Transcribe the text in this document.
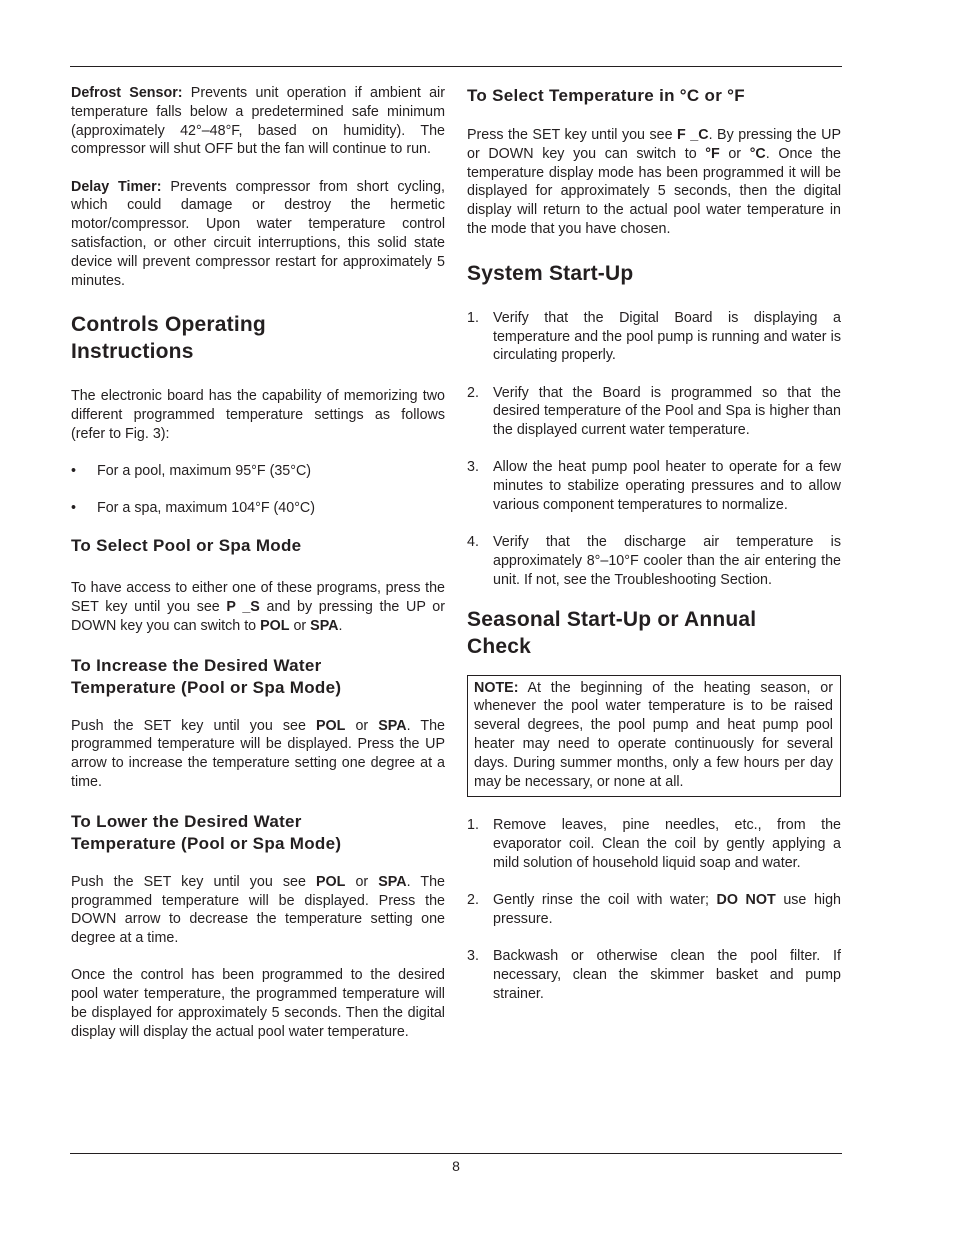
Defrost Sensor: Prevents unit operation if ambient air temperature falls below a predetermined safe minimum (approximately 42°–48°F, based on humidity). The compressor will shut OFF but the fan will continue to run.

Delay Timer: Prevents compressor from short cycling, which could damage or destroy the hermetic motor/compressor. Upon water temperature control satisfaction, or other circuit interruptions, this solid state device will prevent compressor restart for approximately 5 minutes.

Controls Operating
Instructions

The electronic board has the capability of memorizing two different programmed temperature settings as follows (refer to Fig. 3):

• For a pool, maximum 95°F (35°C)
• For a spa, maximum 104°F (40°C)
To Select Pool or Spa Mode

To have access to either one of these programs, press the SET key until you see P _S and by pressing the UP or DOWN key you can switch to POL or SPA.

To Increase the Desired Water
Temperature (Pool or Spa Mode)

Push the SET key until you see POL or SPA. The programmed temperature will be displayed. Press the UP arrow to increase the temperature setting one degree at a time.

To Lower the Desired Water
Temperature (Pool or Spa Mode)

Push the SET key until you see POL or SPA. The programmed temperature will be displayed. Press the DOWN arrow to decrease the temperature setting one degree at a time.

Once the control has been programmed to the desired pool water temperature, the programmed temperature will be displayed for approximately 5 seconds. Then the digital display will display the actual pool water temperature.

To Select Temperature in °C or °F

Press the SET key until you see F _C. By pressing the UP or DOWN key you can switch to °F or °C. Once the temperature display mode has been programmed it will be displayed for approximately 5 seconds, then the digital display will return to the actual pool water temperature in the mode that you have chosen.

System Start-Up
1. Verify that the Digital Board is displaying a temperature and the pool pump is running and water is circulating properly.
2. Verify that the Board is programmed so that the desired temperature of the Pool and Spa is higher than the displayed current water temperature.
3. Allow the heat pump pool heater to operate for a few minutes to stabilize operating pressures and to allow various component temperatures to normalize.
4. Verify that the discharge air temperature is approximately 8°–10°F cooler than the air entering the unit. If not, see the Troubleshooting Section.
Seasonal Start-Up or Annual
Check

NOTE: At the beginning of the heating season, or whenever the pool water temperature is to be raised several degrees, the pool pump and heat pump pool heater may need to operate continuously for several days. During summer months, only a few hours per day may be necessary, or none at all.

1. Remove leaves, pine needles, etc., from the evaporator coil. Clean the coil by gently applying a mild solution of household liquid soap and water.
2. Gently rinse the coil with water; DO NOT use high pressure.
3. Backwash or otherwise clean the pool filter. If necessary, clean the skimmer basket and pump strainer.
8
